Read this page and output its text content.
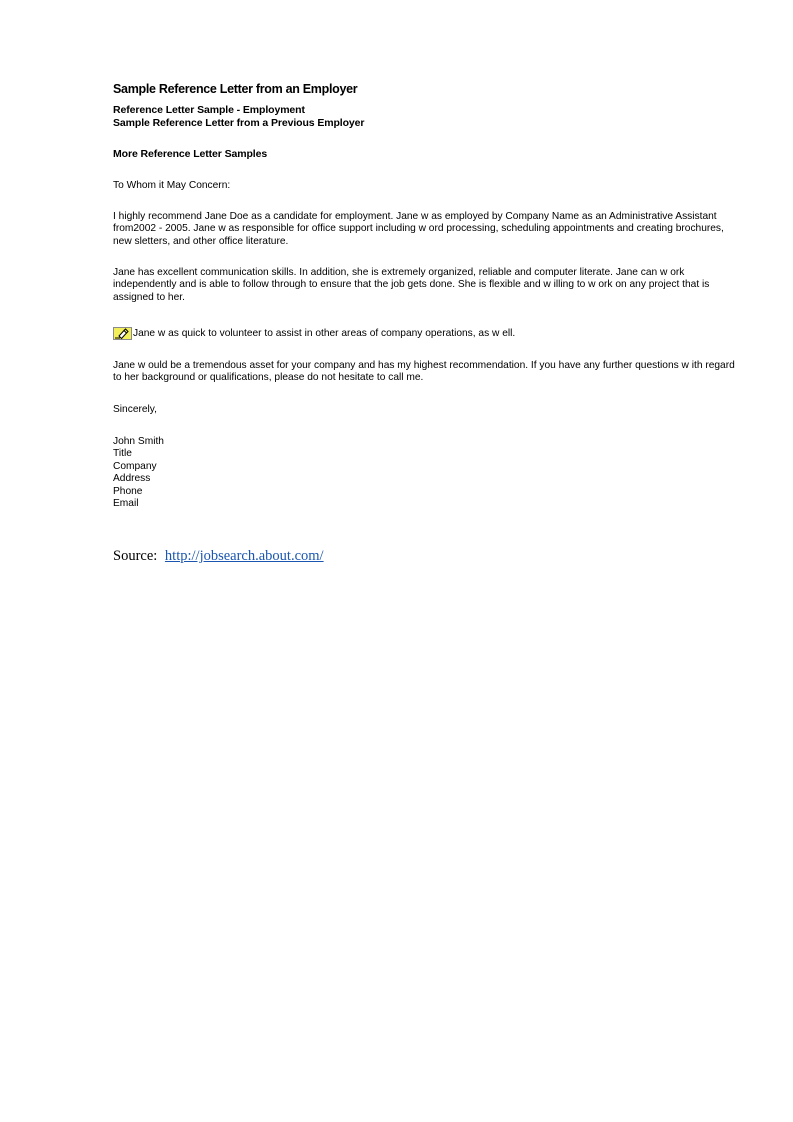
Sample Reference Letter from an Employer
Reference Letter Sample - Employment
Sample Reference Letter from a Previous Employer
More Reference Letter Samples
To Whom it May Concern:
I highly recommend Jane Doe as a candidate for employment. Jane w as employed by Company Name as an Administrative Assistant from2002 - 2005. Jane w as responsible for office support including w ord processing, scheduling appointments and creating brochures, new sletters, and other office literature.
Jane has excellent communication skills. In addition, she is extremely organized, reliable and computer literate. Jane can w ork independently and is able to follow through to ensure that the job gets done. She is flexible and w illing to w ork on any project that is assigned to her.
Jane w as quick to volunteer to assist in other areas of company operations, as w ell.
Jane w ould be a tremendous asset for your company and has my highest recommendation. If you have any further questions w ith regard to her background or qualifications, please do not hesitate to call me.
Sincerely,
John Smith
Title
Company
Address
Phone
Email
Source: http://jobsearch.about.com/
